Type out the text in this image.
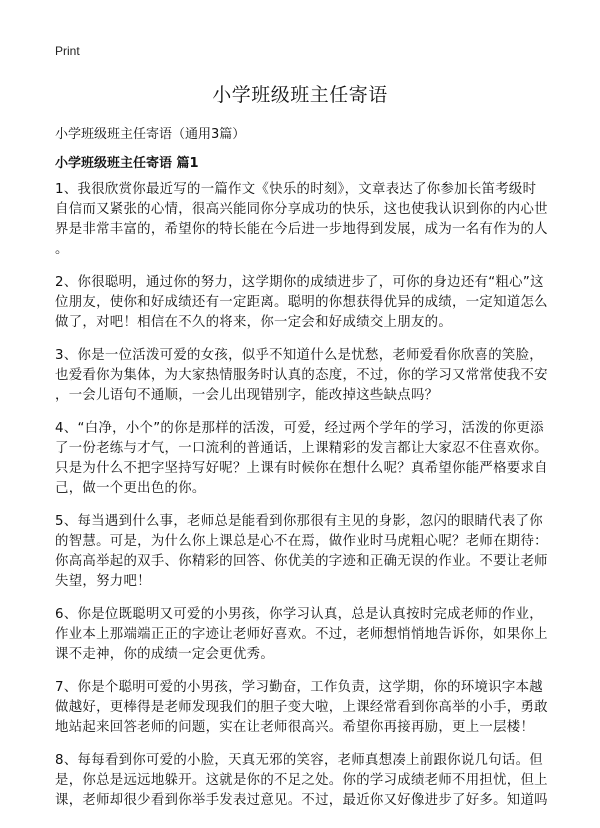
Print
小学班级班主任寄语

小学班级班主任寄语（通用3篇）

小学班级班主任寄语 篇1

1、我很欣赏你最近写的一篇作文《快乐的时刻》，文章表达了你参加长笛考级时
自信而又紧张的心情，很高兴能同你分享成功的快乐，这也使我认识到你的内心世
界是非常丰富的，希望你的特长能在今后进一步地得到发展，成为一名有作为的人
。

2、你很聪明，通过你的努力，这学期你的成绩进步了，可你的身边还有“粗心”这
位朋友，使你和好成绩还有一定距离。聪明的你想获得优异的成绩，一定知道怎么
做了，对吧！相信在不久的将来，你一定会和好成绩交上朋友的。

3、你是一位活泼可爱的女孩，似乎不知道什么是忧愁，老师爱看你欣喜的笑脸，
也爱看你为集体，为大家热情服务时认真的态度，不过，你的学习又常常使我不安
，一会儿语句不通顺，一会儿出现错别字，能改掉这些缺点吗？

4、“白净，小个”的你是那样的活泼，可爱，经过两个学年的学习，活泼的你更添
了一份老练与才气，一口流利的普通话，上课精彩的发言都让大家忍不住喜欢你。
只是为什么不把字坚持写好呢？上课有时候你在想什么呢？真希望你能严格要求自
己，做一个更出色的你。

5、每当遇到什么事，老师总是能看到你那很有主见的身影，忽闪的眼睛代表了你
的智慧。可是，为什么你上课总是心不在焉，做作业时马虎粗心呢？老师在期待：
你高高举起的双手、你精彩的回答、你优美的字迹和正确无误的作业。不要让老师
失望，努力吧！

6、你是位既聪明又可爱的小男孩，你学习认真，总是认真按时完成老师的作业，
作业本上那端端正正的字迹让老师好喜欢。不过，老师想悄悄地告诉你，如果你上
课不走神，你的成绩一定会更优秀。

7、你是个聪明可爱的小男孩，学习勤奋，工作负责，这学期，你的环境识字本越
做越好，更棒得是老师发现我们的胆子变大啦，上课经常看到你高举的小手，勇敢
地站起来回答老师的问题，实在让老师很高兴。希望你再接再励，更上一层楼！

8、每每看到你可爱的小脸，天真无邪的笑容，老师真想凑上前跟你说几句话。但
是，你总是远远地躲开。这就是你的不足之处。你的学习成绩老师不用担忧，但上
课，老师却很少看到你举手发表过意见。不过，最近你又好像进步了好多。知道吗
